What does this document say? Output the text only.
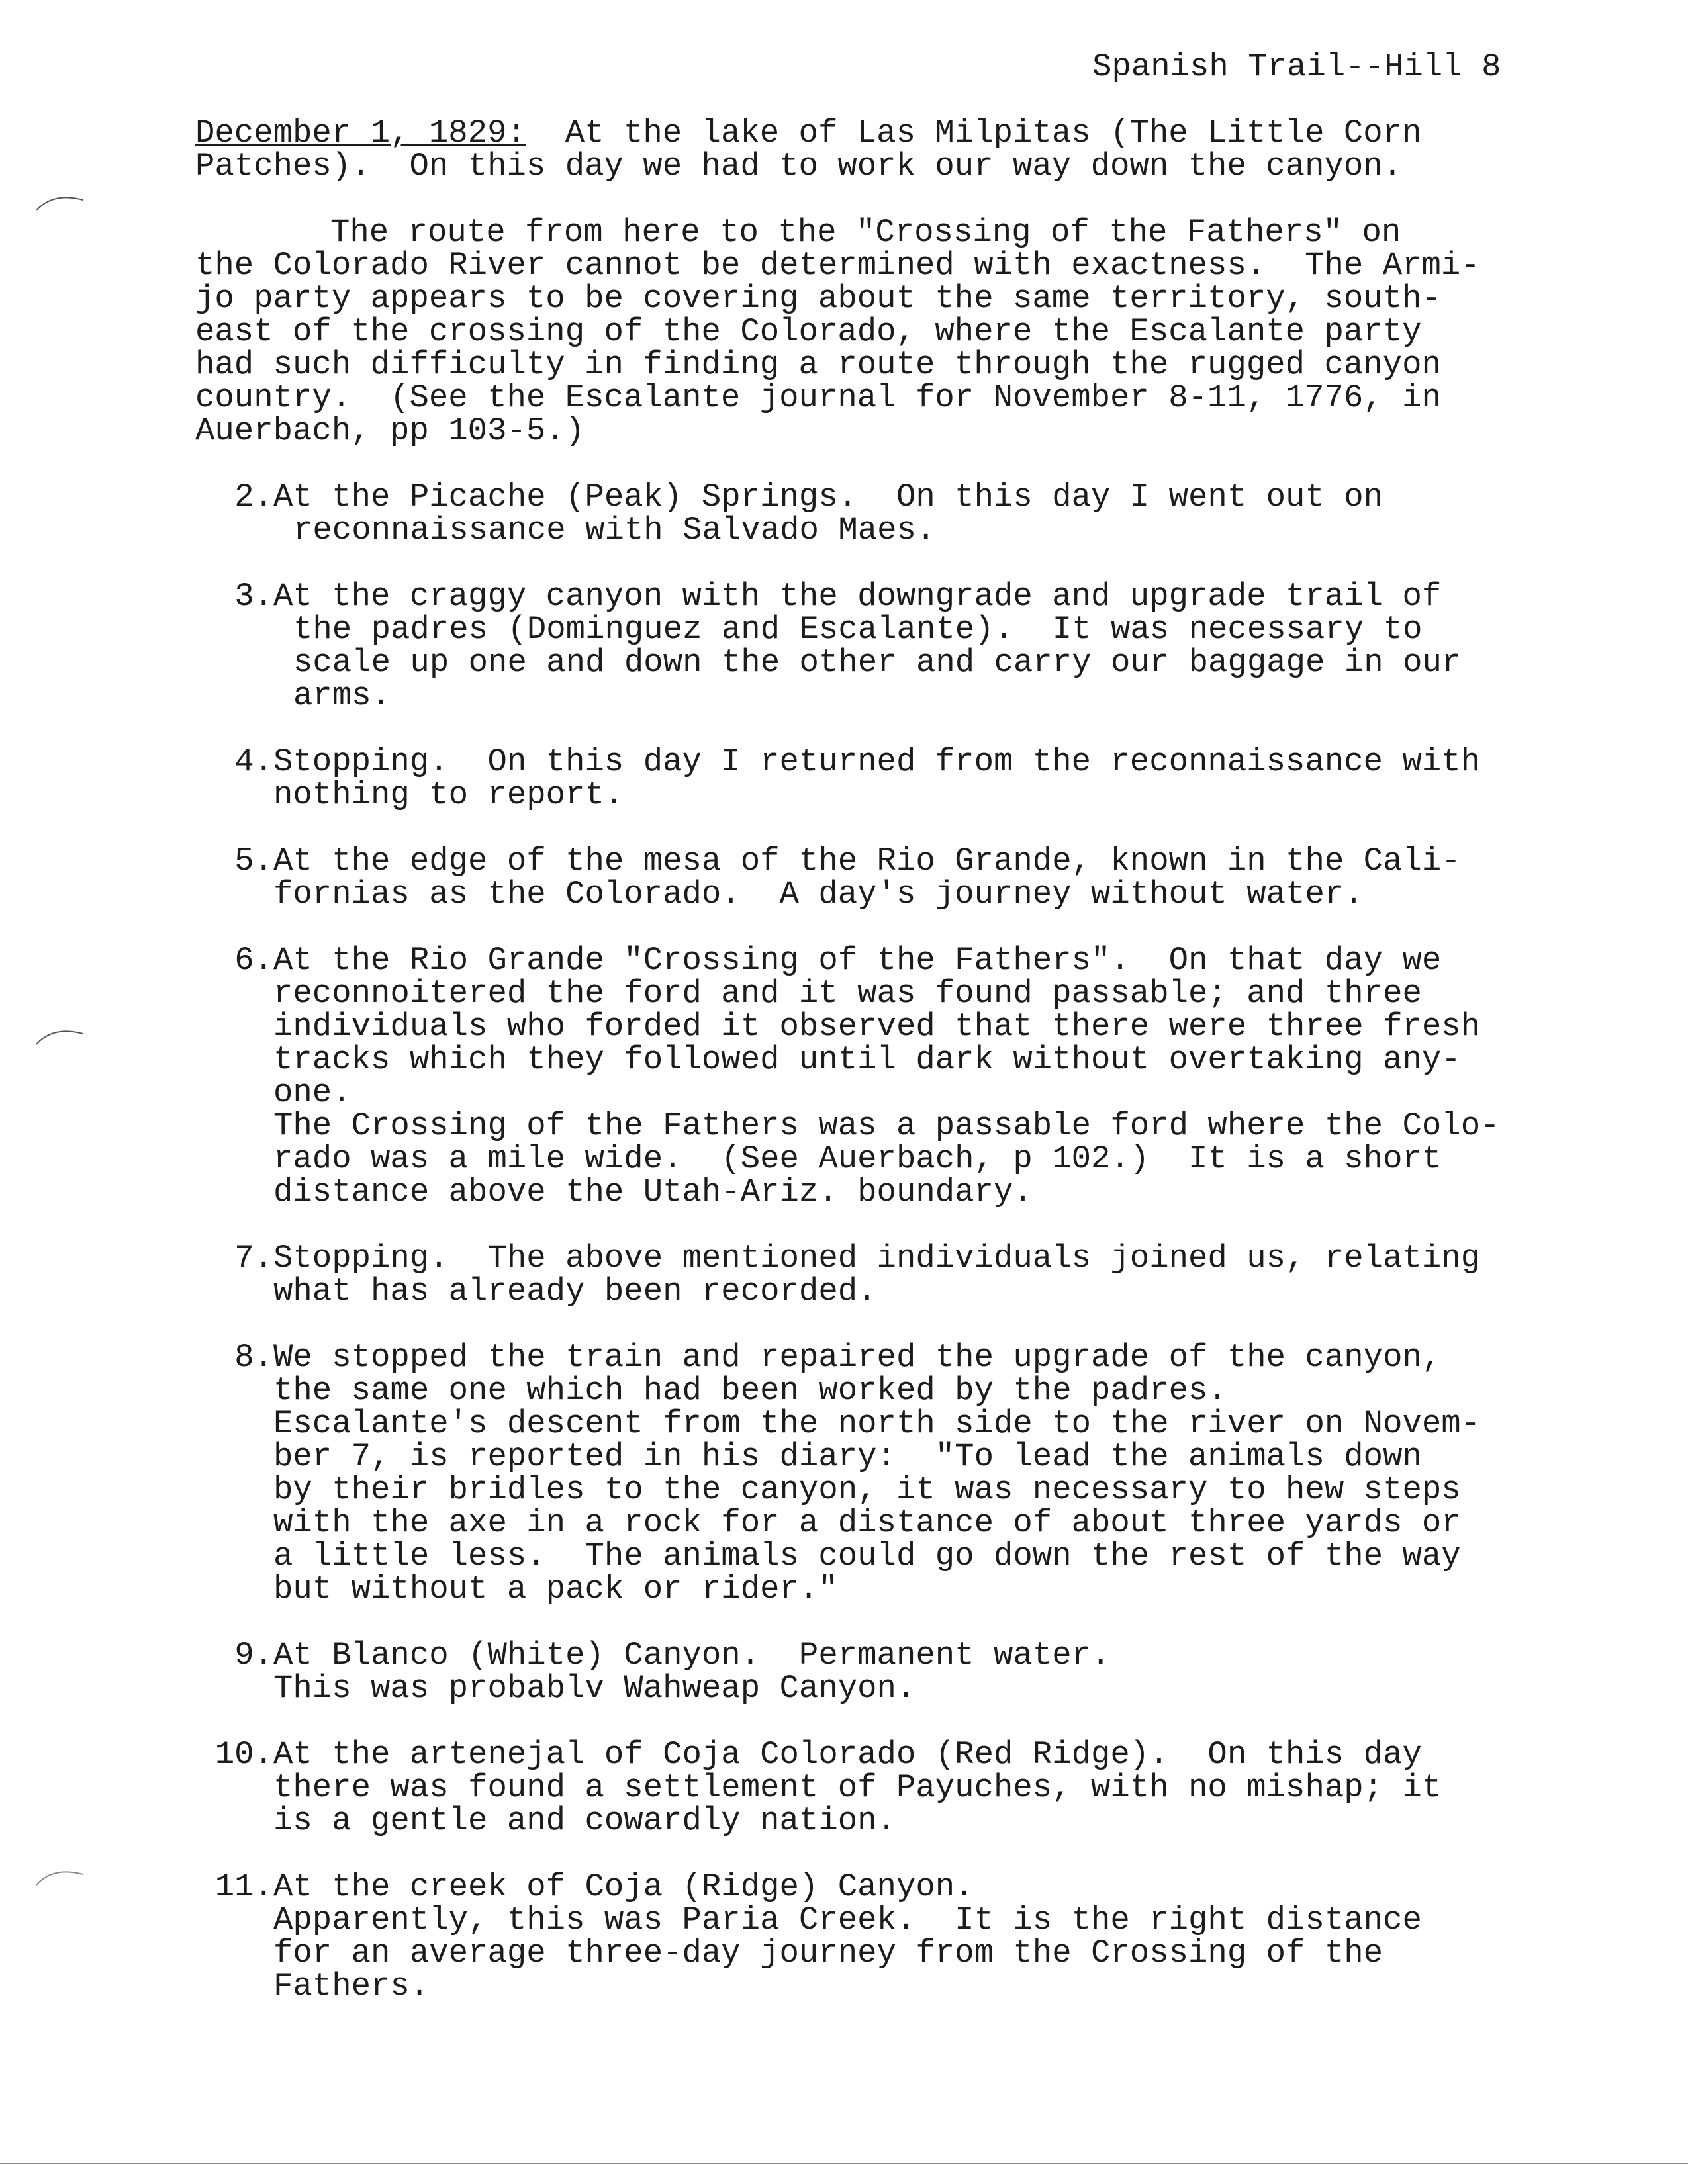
Spanish Trail--Hill 8
December 1, 1829:  At the lake of Las Milpitas (The Little Corn
Patches).  On this day we had to work our way down the canyon.
The route from here to the "Crossing of the Fathers" on
the Colorado River cannot be determined with exactness.  The Armi-
jo party appears to be covering about the same territory, south-
east of the crossing of the Colorado, where the Escalante party
had such difficulty in finding a route through the rugged canyon
country.  (See the Escalante journal for November 8-11, 1776, in
Auerbach, pp 103-5.)
2. At the Picache (Peak) Springs.  On this day I went out on
reconnaissance with Salvado Maes.
3. At the craggy canyon with the downgrade and upgrade trail of
the padres (Dominguez and Escalante).  It was necessary to
scale up one and down the other and carry our baggage in our
arms.
4. Stopping.  On this day I returned from the reconnaissance with
nothing to report.
5. At the edge of the mesa of the Rio Grande, known in the Cali-
fornias as the Colorado.  A day's journey without water.
6. At the Rio Grande "Crossing of the Fathers".  On that day we
reconnoitered the ford and it was found passable; and three
individuals who forded it observed that there were three fresh
tracks which they followed until dark without overtaking any-
one.
The Crossing of the Fathers was a passable ford where the Colo-
rado was a mile wide.  (See Auerbach, p 102.)  It is a short
distance above the Utah-Ariz. boundary.
7. Stopping.  The above mentioned individuals joined us, relating
what has already been recorded.
8. We stopped the train and repaired the upgrade of the canyon,
the same one which had been worked by the padres.
Escalante's descent from the north side to the river on Novem-
ber 7, is reported in his diary:  "To lead the animals down
by their bridles to the canyon, it was necessary to hew steps
with the axe in a rock for a distance of about three yards or
a little less.  The animals could go down the rest of the way
but without a pack or rider."
9. At Blanco (White) Canyon.  Permanent water.
This was probablv Wahweap Canyon.
10. At the artenejal of Coja Colorado (Red Ridge).  On this day
there was found a settlement of Payuches, with no mishap; it
is a gentle and cowardly nation.
11. At the creek of Coja (Ridge) Canyon.
Apparently, this was Paria Creek.  It is the right distance
for an average three-day journey from the Crossing of the
Fathers.
